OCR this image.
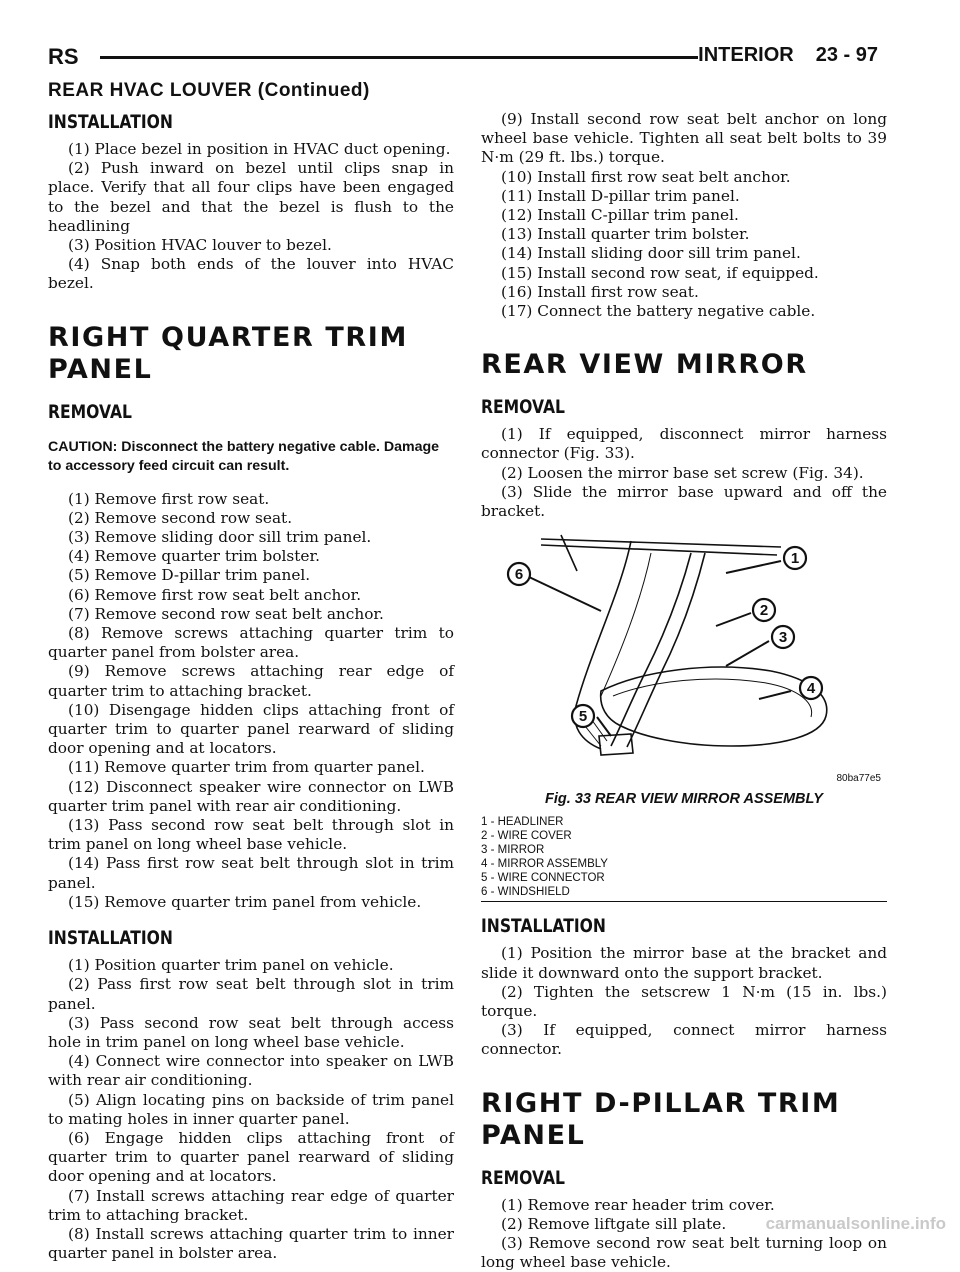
RS	INTERIOR 23 - 97
REAR HVAC LOUVER (Continued)
INSTALLATION

(1) Place bezel in position in HVAC duct opening.

(2) Push inward on bezel until clips snap in place. Verify that all four clips have been engaged to the bezel and that the bezel is flush to the headlining

(3) Position HVAC louver to bezel.

(4) Snap both ends of the louver into HVAC bezel.

RIGHT QUARTER TRIM PANEL
REMOVAL

CAUTION: Disconnect the battery negative cable. Damage to accessory feed circuit can result.

(1) Remove first row seat.

(2) Remove second row seat.

(3) Remove sliding door sill trim panel.

(4) Remove quarter trim bolster.

(5) Remove D-pillar trim panel.

(6) Remove first row seat belt anchor.

(7) Remove second row seat belt anchor.

(8) Remove screws attaching quarter trim to quarter panel from bolster area.

(9) Remove screws attaching rear edge of quarter trim to attaching bracket.

(10) Disengage hidden clips attaching front of quarter trim to quarter panel rearward of sliding door opening and at locators.

(11) Remove quarter trim from quarter panel.

(12) Disconnect speaker wire connector on LWB quarter trim panel with rear air conditioning.

(13) Pass second row seat belt through slot in trim panel on long wheel base vehicle.

(14) Pass first row seat belt through slot in trim panel.

(15) Remove quarter trim panel from vehicle.

INSTALLATION

(1) Position quarter trim panel on vehicle.

(2) Pass first row seat belt through slot in trim panel.

(3) Pass second row seat belt through access hole in trim panel on long wheel base vehicle.

(4) Connect wire connector into speaker on LWB with rear air conditioning.

(5) Align locating pins on backside of trim panel to mating holes in inner quarter panel.

(6) Engage hidden clips attaching front of quarter trim to quarter panel rearward of sliding door opening and at locators.

(7) Install screws attaching rear edge of quarter trim to attaching bracket.

(8) Install screws attaching quarter trim to inner quarter panel in bolster area.

(9) Install second row seat belt anchor on long wheel base vehicle. Tighten all seat belt bolts to 39 N·m (29 ft. lbs.) torque.

(10) Install first row seat belt anchor.

(11) Install D-pillar trim panel.

(12) Install C-pillar trim panel.

(13) Install quarter trim bolster.

(14) Install sliding door sill trim panel.

(15) Install second row seat, if equipped.

(16) Install first row seat.

(17) Connect the battery negative cable.

REAR VIEW MIRROR
REMOVAL

(1) If equipped, disconnect mirror harness connector (Fig. 33).

(2) Loosen the mirror base set screw (Fig. 34).

(3) Slide the mirror base upward and off the bracket.

1
2
3
4
5
6
80ba77e5
Fig. 33 REAR VIEW MIRROR ASSEMBLY

1 - HEADLINER

2 - WIRE COVER

3 - MIRROR

4 - MIRROR ASSEMBLY

5 - WIRE CONNECTOR

6 - WINDSHIELD

INSTALLATION

(1) Position the mirror base at the bracket and slide it downward onto the support bracket.

(2) Tighten the setscrew 1 N·m (15 in. lbs.) torque.

(3) If equipped, connect mirror harness connector.

RIGHT D-PILLAR TRIM PANEL
REMOVAL

(1) Remove rear header trim cover.

(2) Remove liftgate sill plate.

(3) Remove second row seat belt turning loop on long wheel base vehicle.

carmanualsonline.info
